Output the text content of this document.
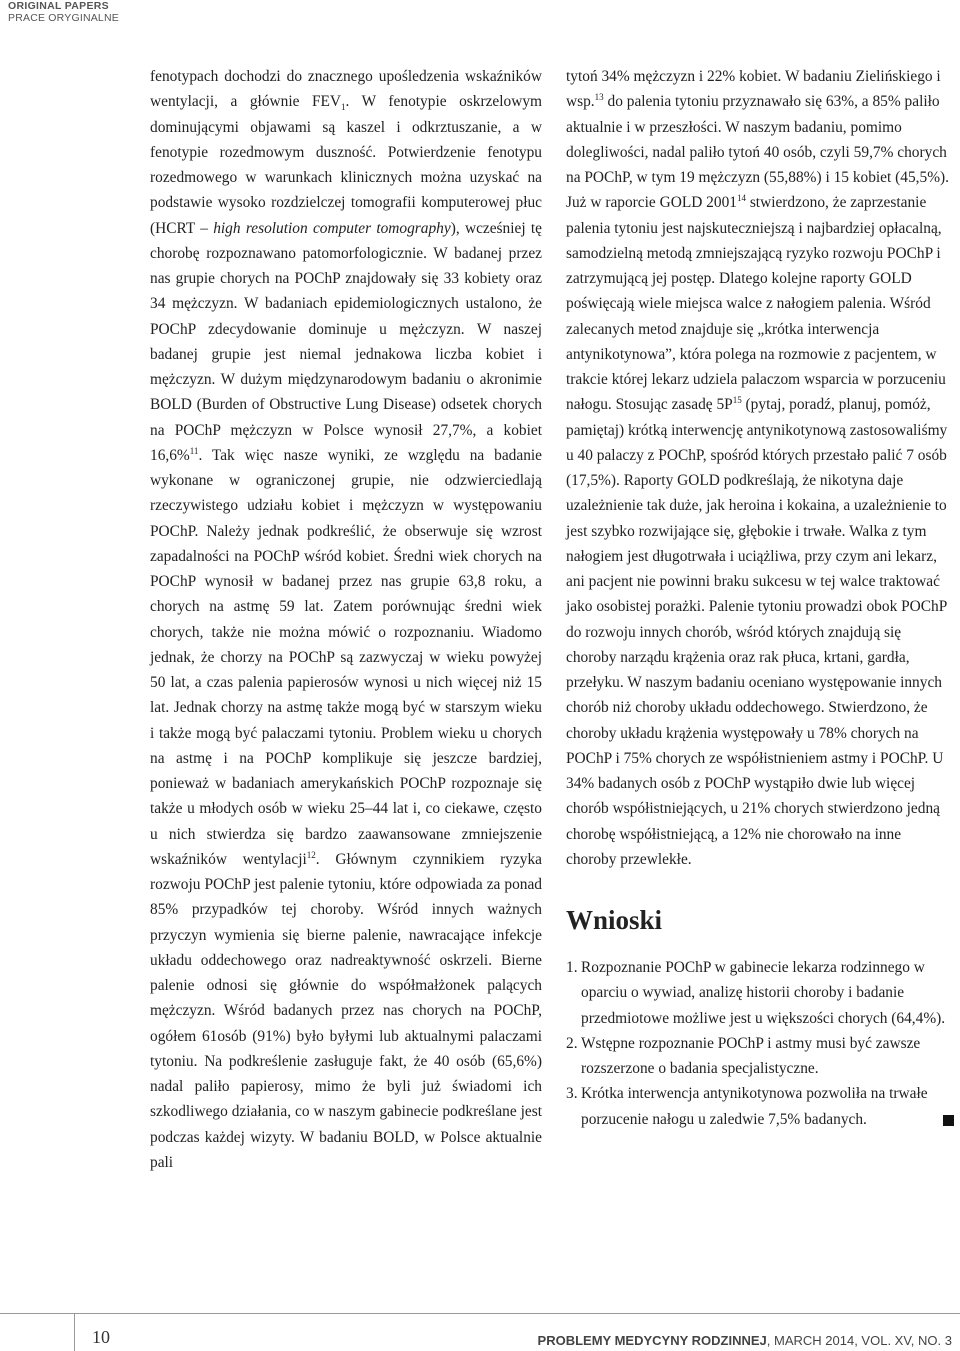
ORIGINAL PAPERS
PRACE ORYGINALNE

fenotypach dochodzi do znacznego upośledzenia wskaźników wentylacji, a głównie $FEV_1$. W fenotypie oskrzelowym dominującymi objawami są kaszel i odkrztuszanie, a w fenotypie rozedmowym duszność. Potwierdzenie fenotypu rozedmowego w warunkach klinicznych można uzyskać na podstawie wysoko rozdzielczej tomografii komputerowej płuc (HCRT – high resolution computer tomography), wcześniej tę chorobę rozpoznawano patomorfologicznie. W badanej przez nas grupie chorych na POChP znajdowały się 33 kobiety oraz 34 mężczyzn. W badaniach epidemiologicznych ustalono, że POChP zdecydowanie dominuje u mężczyzn. W naszej badanej grupie jest niemal jednakowa liczba kobiet i mężczyzn. W dużym międzynarodowym badaniu o akronimie BOLD (Burden of Obstructive Lung Disease) odsetek chorych na POChP mężczyzn w Polsce wynosił 27,7%, a kobiet 16,6%$^{11}$. Tak więc nasze wyniki, ze względu na badanie wykonane w ograniczonej grupie, nie odzwierciedlają rzeczywistego udziału kobiet i mężczyzn w występowaniu POChP. Należy jednak podkreślić, że obserwuje się wzrost zapadalności na POChP wśród kobiet. Średni wiek chorych na POChP wynosił w badanej przez nas grupie 63,8 roku, a chorych na astmę 59 lat. Zatem porównując średni wiek chorych, także nie można mówić o rozpoznaniu. Wiadomo jednak, że chorzy na POChP są zazwyczaj w wieku powyżej 50 lat, a czas palenia papierosów wynosi u nich więcej niż 15 lat. Jednak chorzy na astmę także mogą być w starszym wieku i także mogą być palaczami tytoniu. Problem wieku u chorych na astmę i na POChP komplikuje się jeszcze bardziej, ponieważ w badaniach amerykańskich POChP rozpoznaje się także u młodych osób w wieku 25–44 lat i, co ciekawe, często u nich stwierdza się bardzo zaawansowane zmniejszenie wskaźników wentylacji$^{12}$. Głównym czynnikiem ryzyka rozwoju POChP jest palenie tytoniu, które odpowiada za ponad 85% przypadków tej choroby. Wśród innych ważnych przyczyn wymienia się bierne palenie, nawracające infekcje układu oddechowego oraz nadreaktywność oskrzeli. Bierne palenie odnosi się głównie do współmałżonek palących mężczyzn. Wśród badanych przez nas chorych na POChP, ogółem 61osób (91%) było byłymi lub aktualnymi palaczami tytoniu. Na podkreślenie zasługuje fakt, że 40 osób (65,6%) nadal paliło papierosy, mimo że byli już świadomi ich szkodliwego działania, co w naszym gabinecie podkreślane jest podczas każdej wizyty. W badaniu BOLD, w Polsce aktualnie pali

tytoń 34% mężczyzn i 22% kobiet. W badaniu Zielińskiego i wsp.$^{13}$ do palenia tytoniu przyznawało się 63%, a 85% paliło aktualnie i w przeszłości. W naszym badaniu, pomimo dolegliwości, nadal paliło tytoń 40 osób, czyli 59,7% chorych na POChP, w tym 19 mężczyzn (55,88%) i 15 kobiet (45,5%). Już w raporcie GOLD 2001$^{14}$ stwierdzono, że zaprzestanie palenia tytoniu jest najskuteczniejszą i najbardziej opłacalną, samodzielną metodą zmniejszającą ryzyko rozwoju POChP i zatrzymującą jej postęp. Dlatego kolejne raporty GOLD poświęcają wiele miejsca walce z nałogiem palenia. Wśród zalecanych metod znajduje się „krótka interwencja antynikotynowa”, która polega na rozmowie z pacjentem, w trakcie której lekarz udziela palaczom wsparcia w porzuceniu nałogu. Stosując zasadę $5P^{15}$ (pytaj, poradź, planuj, pomóż, pamiętaj) krótką interwencję antynikotynową zastosowaliśmy u 40 palaczy z POChP, spośród których przestało palić 7 osób (17,5%). Raporty GOLD podkreślają, że nikotyna daje uzależnienie tak duże, jak heroina i kokaina, a uzależnienie to jest szybko rozwijające się, głębokie i trwałe. Walka z tym nałogiem jest długotrwała i uciążliwa, przy czym ani lekarz, ani pacjent nie powinni braku sukcesu w tej walce traktować jako osobistej porażki. Palenie tytoniu prowadzi obok POChP do rozwoju innych chorób, wśród których znajdują się choroby narządu krążenia oraz rak płuca, krtani, gardła, przełyku. W naszym badaniu oceniano występowanie innych chorób niż choroby układu oddechowego. Stwierdzono, że choroby układu krążenia występowały u 78% chorych na POChP i 75% chorych ze współistnieniem astmy i POChP. U 34% badanych osób z POChP wystąpiło dwie lub więcej chorób współistniejących, u 21% chorych stwierdzono jedną chorobę współistniejącą, a 12% nie chorowało na inne choroby przewlekłe.

Wnioski
1. Rozpoznanie POChP w gabinecie lekarza rodzinnego w oparciu o wywiad, analizę historii choroby i badanie przedmiotowe możliwe jest u większości chorych (64,4%).
2. Wstępne rozpoznanie POChP i astmy musi być zawsze rozszerzone o badania specjalistyczne.
3. Krótka interwencja antynikotynowa pozwoliła na trwałe porzucenie nałogu u zaledwie 7,5% badanych.
10	PROBLEMY MEDYCYNY RODZINNEJ, MARCH 2014, VOL. XV, NO. 3
